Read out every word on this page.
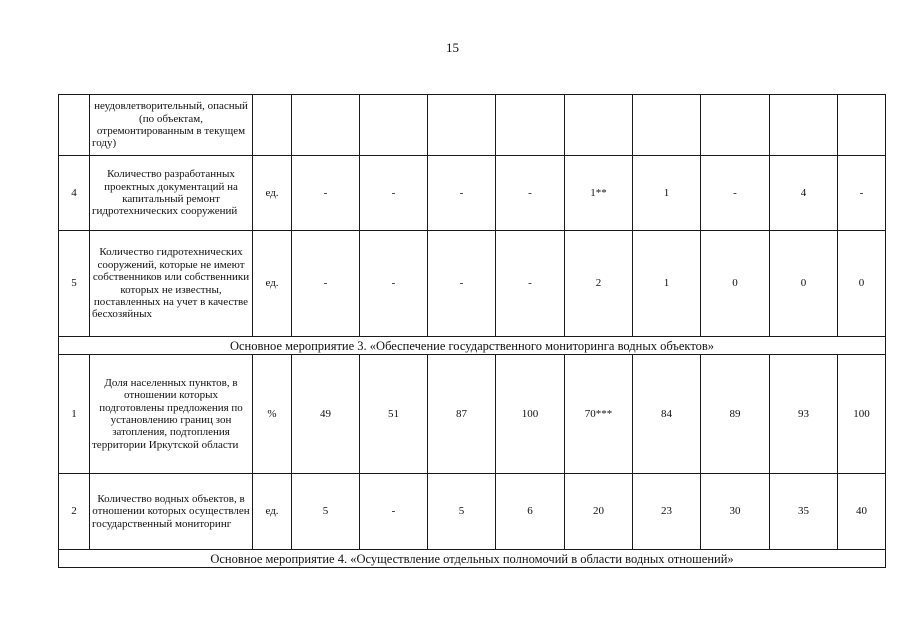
15
	неудовлетворительный, опасный (по объектам, отремонтированным в текущем году)										
4	Количество разработанных проектных документаций на капитальный ремонт гидротехнических сооружений	ед.	-	-	-	-	1**	1	-	4	-
5	Количество гидротехнических сооружений, которые не имеют собственников или собственники которых не известны, поставленных на учет в качестве бесхозяйных	ед.	-	-	-	-	2	1	0	0	0
Основное мероприятие 3. «Обеспечение государственного мониторинга водных объектов»											
1	Доля населенных пунктов, в отношении которых подготовлены предложения по установлению границ зон затопления, подтопления территории Иркутской области	%	49	51	87	100	70***	84	89	93	100
2	Количество водных объектов, в отношении которых осуществлен государственный мониторинг	ед.	5	-	5	6	20	23	30	35	40
Основное мероприятие 4. «Осуществление отдельных полномочий в области водных отношений»											
